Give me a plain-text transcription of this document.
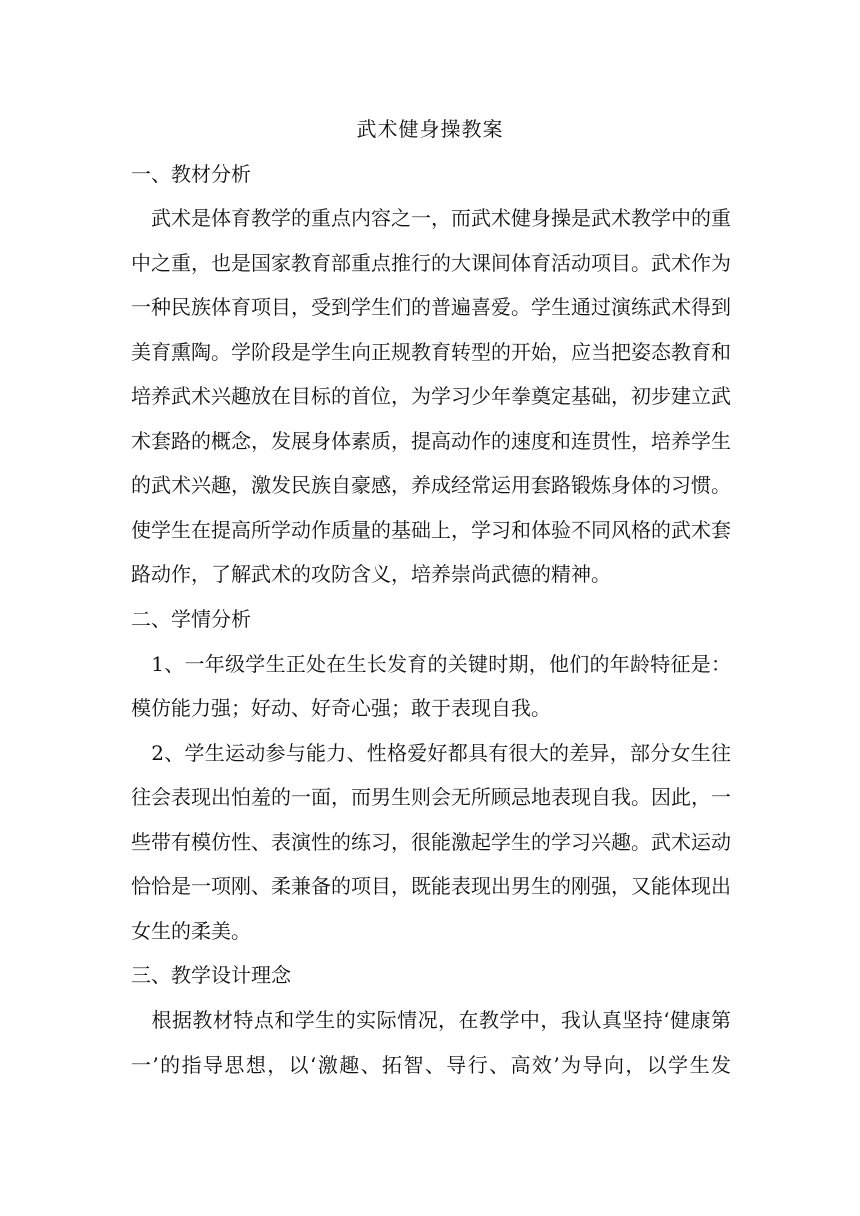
武术健身操教案
一、教材分析
　武术是体育教学的重点内容之一，而武术健身操是武术教学中的重
中之重，也是国家教育部重点推行的大课间体育活动项目。武术作为
一种民族体育项目，受到学生们的普遍喜爱。学生通过演练武术得到
美育熏陶。学阶段是学生向正规教育转型的开始，应当把姿态教育和
培养武术兴趣放在目标的首位，为学习少年拳奠定基础，初步建立武
术套路的概念，发展身体素质，提高动作的速度和连贯性，培养学生
的武术兴趣，激发民族自豪感，养成经常运用套路锻炼身体的习惯。
使学生在提高所学动作质量的基础上，学习和体验不同风格的武术套
路动作，了解武术的攻防含义，培养崇尚武德的精神。
二、学情分析
　1、一年级学生正处在生长发育的关键时期，他们的年龄特征是：
模仿能力强；好动、好奇心强；敢于表现自我。
　2、学生运动参与能力、性格爱好都具有很大的差异，部分女生往
往会表现出怕羞的一面，而男生则会无所顾忌地表现自我。因此，一
些带有模仿性、表演性的练习，很能激起学生的学习兴趣。武术运动
恰恰是一项刚、柔兼备的项目，既能表现出男生的刚强，又能体现出
女生的柔美。
三、教学设计理念
　根据教材特点和学生的实际情况，在教学中，我认真坚持‘健康第
一’的指导思想，以‘激趣、拓智、导行、高效’为导向，以学生发
